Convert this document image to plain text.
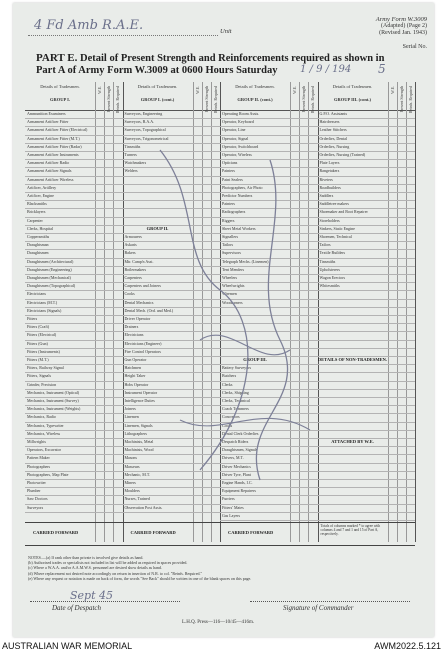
4 Fd Amb R.A.E.	Unit
Army Form W.3009
(Adapted) (Page 2)
(Revised Jan. 1943)
Serial No.
PART E. Detail of Present Strength and Reinforcements required as shown in Part A of Army Form W.3009 at 0600 Hours Saturday	1 / 9 / 194 5
Details of Tradesmen.
GROUP I.
W.E. Present Strength Reinfs. Required
Ammunition Examiners
Armament Artificer Fitter
Armament Artificer Fitter (Electrical)
Armament Artificer Fitter (M.T.)
Armament Artificer Fitter (Radar)
Armament Artificer Instruments
Armament Artificer Radio
Armament Artificer Signals
Armament Artificer Wireless
Artificer, Artillery
Artificer, Engine
Blacksmiths
Bricklayers
Carpenter
Clerks, Hospital
Coppersmiths
Draughtsman
Draughtsmen
Draughtsmen (Architectural)
Draughtsmen (Engineering)
Draughtsmen (Mechanical)
Draughtsmen (Topographical)
Electricians
Electricians (M.T.)
Electricians (Signals)
Fitters
Fitters (Craft)
Fitters (Electrical)
Fitters (Gun)
Fitters (Instruments)
Fitters (M.T.)
Fitters, Railway Signal
Fitters, Signals
Grinder, Precision
Mechanics, Instrument (Optical)
Mechanics, Instrument (Survey)
Mechanics, Instrument (Weights)
Mechanics, Radio
Mechanics, Typewriter
Mechanics, Wireless
Millwrights
Operators, Excavator
Pattern Maker
Photographers
Photographers, Map Plate
Photowriter
Plumber
Saw Doctors
Surveyors
Details of Tradesmen.
GROUP I. (cont.)
W.E. Present Strength Reinfs. Required
Surveyors, Engineering
Surveyors, R.A.A.
Surveyors, Topographical
Surveyors, Trigonometrical
Tinsmiths
Turners
Watchmakers
Welders
GROUP II.
Armourers
Askaris
Bakers
Mtr. Camp'n Asst.
Boilermakers
Carpenters
Carpenters and Joiners
Cooks
Dental Mechanics
Dental Mech. (Ord. and Med.)
Driver Operator
Drainers
Electricians
Electricians (Engineer)
Fire Control Operators
Gun Operator
Hatchmen
Height Taker
Hobs Operator
Instrument Operator
Intelligence Duties
Joiners
Linemen
Linemen, Signals
Lithographers
Machinists, Metal
Machinists, Wood
Masons
Masseurs
Mechanic, M.T.
Miners
Moulders
Nurses, Trained
Observation Post Assts.
Details of Tradesmen.
GROUP II. (cont.)
W.E. Present Strength Reinfs. Required
Operating Room Assts.
Operator, Keyboard
Operator, Line
Operator, Signal
Operator, Switchboard
Operator, Wireless
Opticians
Painters
Paint Sealers
Photographers, Air Photo
Predictor Numbers
Painters
Radiographers
Riggers
Sheet Metal Workers
Signallers
Tailors
Supervisors
Telegraph Mechs. (Linemen)
Tent Menders
Wheelers
Wheelwrights
Wiremen
Woodturners
GROUP III.
Battery Surveyors
Butchers
Clerks
Clerks, Shipping
Clerks, Technical
Coach Trimmers
Concretors
Cooks
Dental Clerk Orderlies
Despatch Riders
Draughtsmen, Signals
Drivers, M.T.
Driver Mechanics
Driver Tyre, Plant
Engine Hands, I.C.
Equipment Repairers
Furriers
Fitters' Mates
Gas Layers
Details of Tradesmen.
GROUP III. (cont.)
W.E. Present Strength Reinfs. Required
G.P.O. Assistants
Hairdressers
Leather Stitchers
Orderlies, Dental
Orderlies, Nursing
Orderlies, Nursing (Trained)
Plate Layers
Rangetakers
Riveters
Roadbuilders
Saddlers
Saddletree makers
Shoemaker and Boot Repairer
Storeholders
Sinkers, Static Engine
Shoemen, Technical
Tailors
Textile Builders
Tinsmiths
Upholsterers
Wagon Erectors
Whitesmiths
DETAILS OF NON-TRADESMEN.
ATTACHED BY W.E.
CARRIED FORWARD	CARRIED FORWARD	CARRIED FORWARD
Totals of columns marked * to agree with columns 4 and 7 and 1 and 15 of Part A, respectively.
NOTES.—(a) If rank other than private is involved give details as hand.
(b) Authorised trades or specialists not included in list will be added as required in spaces provided.
(c) Where a W.A.A. and/or A.A.M.W.S. personnel are desired show details as hand.
(d) Where replacement not desired note accordingly on return in insertion of N.R. to col. "Reinfs. Required."
(e) Where any request or notation is made on back of form, the words "See Back" should be written in one of the blank spaces on this page.
Sept 45
Date of Despatch	Signature of Commander
L.H.Q. Press—116—10/45—416m.
AUSTRALIAN WAR MEMORIAL	AWM2022.5.121
